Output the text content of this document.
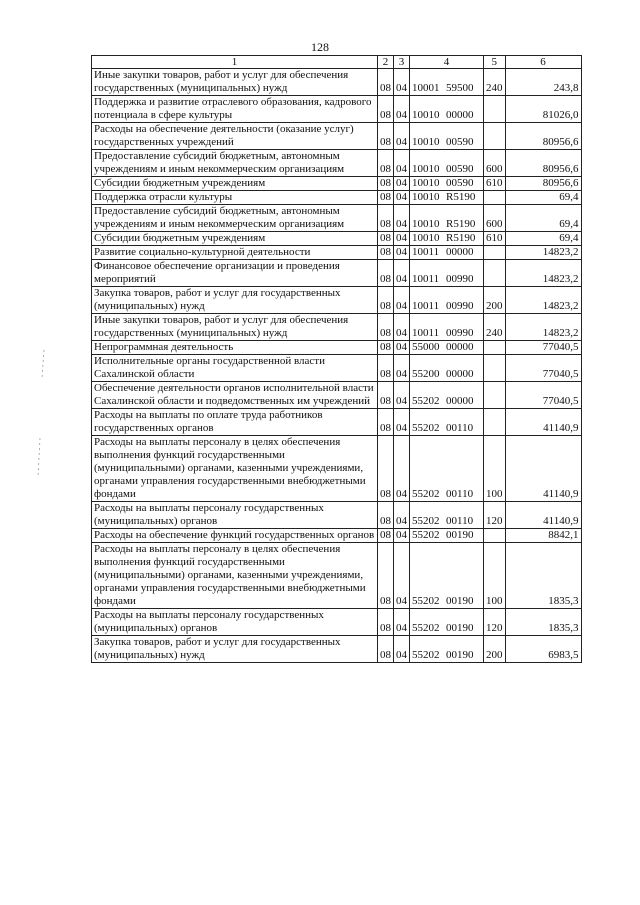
128
1	2	3	4	5	6
Иные закупки товаров, работ и услуг для обеспечения государственных (муниципальных) нужд	08	04	10001 59500	240	243,8
Поддержка и развитие отраслевого образования, кадрового потенциала в сфере культуры	08	04	10010 00000		81026,0
Расходы на обеспечение деятельности (оказание услуг) государственных учреждений	08	04	10010 00590		80956,6
Предоставление субсидий бюджетным, автономным учреждениям и иным некоммерческим организациям	08	04	10010 00590	600	80956,6
Субсидии бюджетным учреждениям	08	04	10010 00590	610	80956,6
Поддержка отрасли культуры	08	04	10010 R5190		69,4
Предоставление субсидий бюджетным, автономным учреждениям и иным некоммерческим организациям	08	04	10010 R5190	600	69,4
Субсидии бюджетным учреждениям	08	04	10010 R5190	610	69,4
Развитие социально-культурной деятельности	08	04	10011 00000		14823,2
Финансовое обеспечение организации и проведения мероприятий	08	04	10011 00990		14823,2
Закупка товаров, работ и услуг для государственных (муниципальных) нужд	08	04	10011 00990	200	14823,2
Иные закупки товаров, работ и услуг для обеспечения государственных (муниципальных) нужд	08	04	10011 00990	240	14823,2
Непрограммная деятельность	08	04	55000 00000		77040,5
Исполнительные органы государственной власти Сахалинской области	08	04	55200 00000		77040,5
Обеспечение деятельности органов исполнительной власти Сахалинской области и подведомственных им учреждений	08	04	55202 00000		77040,5
Расходы на выплаты по оплате труда работников государственных органов	08	04	55202 00110		41140,9
Расходы на выплаты персоналу в целях обеспечения выполнения функций государственными (муниципальными) органами, казенными учреждениями, органами управления государственными внебюджетными фондами	08	04	55202 00110	100	41140,9
Расходы на выплаты персоналу государственных (муниципальных) органов	08	04	55202 00110	120	41140,9
Расходы на обеспечение функций государственных органов	08	04	55202 00190		8842,1
Расходы на выплаты персоналу в целях обеспечения выполнения функций государственными (муниципальными) органами, казенными учреждениями, органами управления государственными внебюджетными фондами	08	04	55202 00190	100	1835,3
Расходы на выплаты персоналу государственных (муниципальных) органов	08	04	55202 00190	120	1835,3
Закупка товаров, работ и услуг для государственных (муниципальных) нужд	08	04	55202 00190	200	6983,5
